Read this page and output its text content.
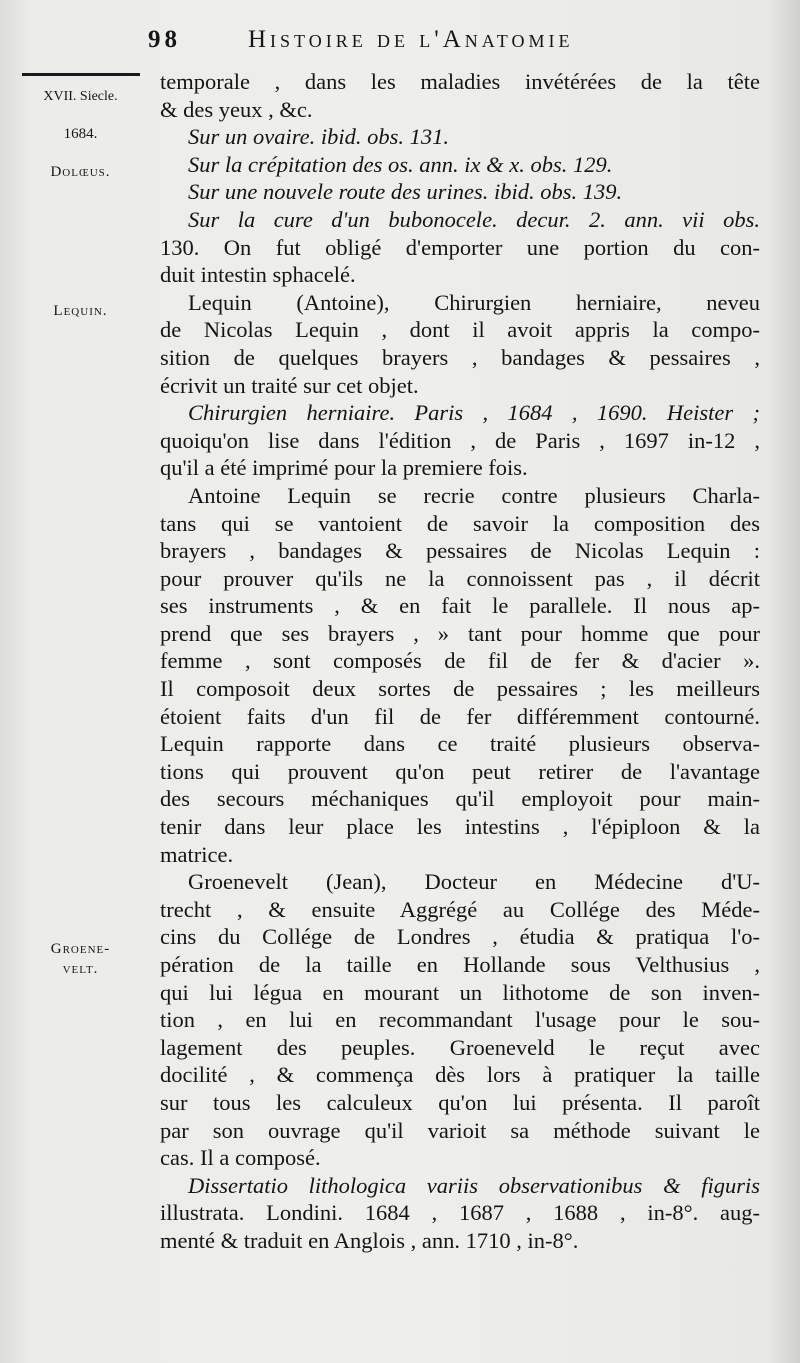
98	Histoire de l'Anatomie
XVII. Siecle.
1684.
Dolœus.
Lequin.
Groene-
velt.
temporale , dans les maladies invétérées de la tête
& des yeux , &c.
Sur un ovaire. ibid. obs. 131.
Sur la crépitation des os. ann. ix & x. obs. 129.
Sur une nouvele route des urines. ibid. obs. 139.
Sur la cure d'un bubonocele. decur. 2. ann. vii obs.
130. On fut obligé d'emporter une portion du con-
duit intestin sphacelé.
Lequin (Antoine), Chirurgien herniaire, neveu
de Nicolas Lequin , dont il avoit appris la compo-
sition de quelques brayers , bandages & pessaires ,
écrivit un traité sur cet objet.
Chirurgien herniaire. Paris , 1684 , 1690. Heister ;
quoiqu'on lise dans l'édition , de Paris , 1697 in-12 ,
qu'il a été imprimé pour la premiere fois.
Antoine Lequin se recrie contre plusieurs Charla-
tans qui se vantoient de savoir la composition des
brayers , bandages & pessaires de Nicolas Lequin :
pour prouver qu'ils ne la connoissent pas , il décrit
ses instruments , & en fait le parallele. Il nous ap-
prend que ses brayers , » tant pour homme que pour
femme , sont composés de fil de fer & d'acier ».
Il composoit deux sortes de pessaires ; les meilleurs
étoient faits d'un fil de fer différemment contourné.
Lequin rapporte dans ce traité plusieurs observa-
tions qui prouvent qu'on peut retirer de l'avantage
des secours méchaniques qu'il employoit pour main-
tenir dans leur place les intestins , l'épiploon & la
matrice.
Groenevelt (Jean), Docteur en Médecine d'U-
trecht , & ensuite Aggrégé au Collége des Méde-
cins du Collége de Londres , étudia & pratiqua l'o-
pération de la taille en Hollande sous Velthusius ,
qui lui légua en mourant un lithotome de son inven-
tion , en lui en recommandant l'usage pour le sou-
lagement des peuples. Groeneveld le reçut avec
docilité , & commença dès lors à pratiquer la taille
sur tous les calculeux qu'on lui présenta. Il paroît
par son ouvrage qu'il varioit sa méthode suivant le
cas. Il a composé.
Dissertatio lithologica variis observationibus & figuris
illustrata. Londini. 1684 , 1687 , 1688 , in-8°. aug-
menté & traduit en Anglois , ann. 1710 , in-8°.
